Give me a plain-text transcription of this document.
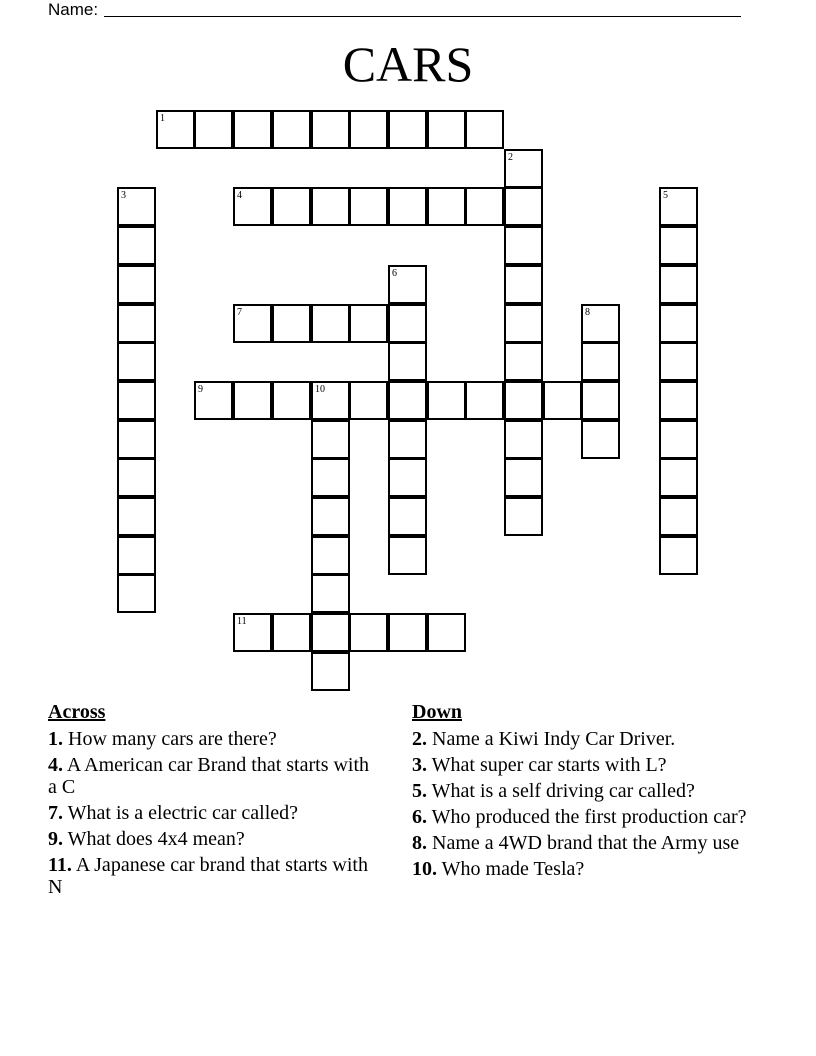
Name:
CARS
1
2
3	4	5
6
7	8
9	10
11
Across
1. How many cars are there?
4. A American car Brand that starts with a C
7. What is a electric car called?
9. What does 4x4 mean?
11. A Japanese car brand that starts with N
Down
2. Name a Kiwi Indy Car Driver.
3. What super car starts with L?
5. What is a self driving car called?
6. Who produced the first production car?
8. Name a 4WD brand that the Army use
10. Who made Tesla?
